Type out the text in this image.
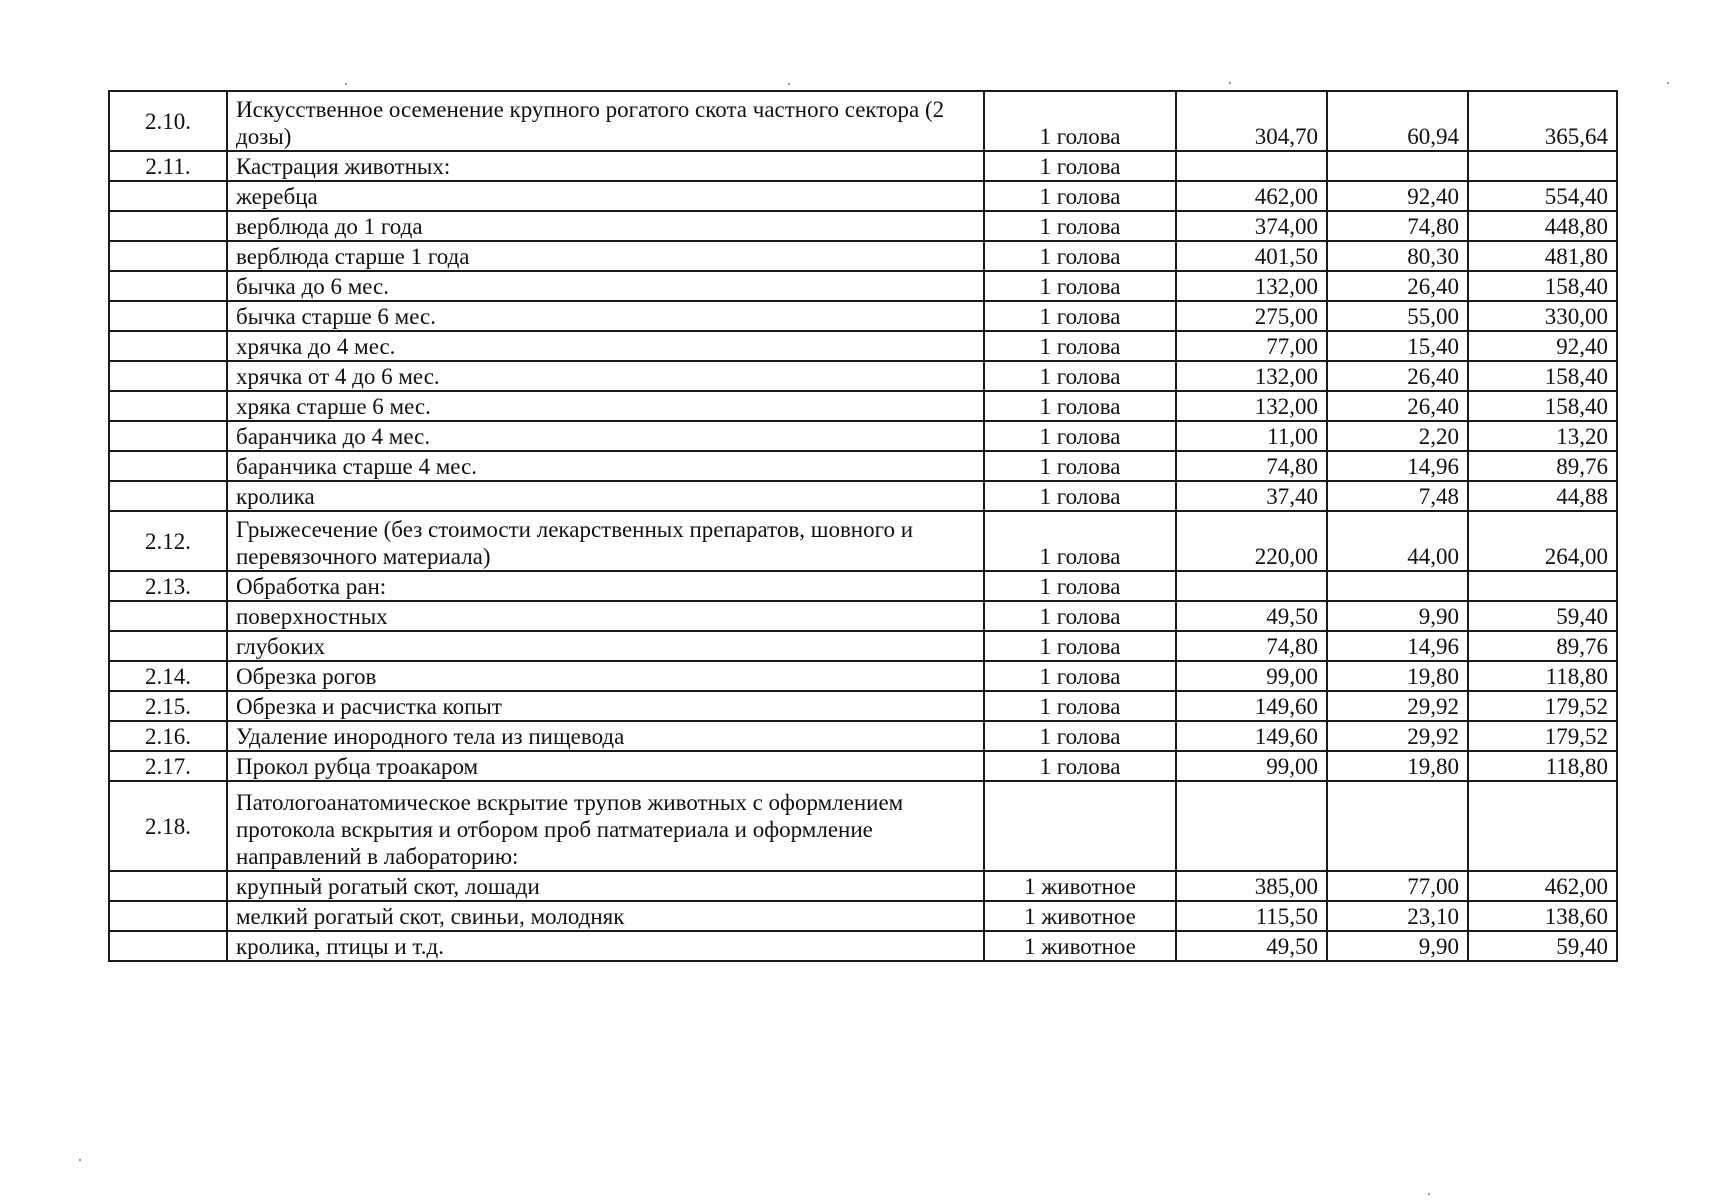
2.10.	Искусственное осеменение крупного рогатого скота частного сектора (2 дозы)	1 голова	304,70	60,94	365,64
2.11.	Кастрация животных:	1 голова			
	жеребца	1 голова	462,00	92,40	554,40
	верблюда до 1 года	1 голова	374,00	74,80	448,80
	верблюда старше 1 года	1 голова	401,50	80,30	481,80
	бычка до 6 мес.	1 голова	132,00	26,40	158,40
	бычка старше 6 мес.	1 голова	275,00	55,00	330,00
	хрячка до 4 мес.	1 голова	77,00	15,40	92,40
	хрячка от 4 до 6 мес.	1 голова	132,00	26,40	158,40
	хряка старше 6 мес.	1 голова	132,00	26,40	158,40
	баранчика до 4 мес.	1 голова	11,00	2,20	13,20
	баранчика старше 4 мес.	1 голова	74,80	14,96	89,76
	кролика	1 голова	37,40	7,48	44,88
2.12.	Грыжесечение (без стоимости лекарственных препаратов, шовного и перевязочного материала)	1 голова	220,00	44,00	264,00
2.13.	Обработка ран:	1 голова			
	поверхностных	1 голова	49,50	9,90	59,40
	глубоких	1 голова	74,80	14,96	89,76
2.14.	Обрезка рогов	1 голова	99,00	19,80	118,80
2.15.	Обрезка и расчистка копыт	1 голова	149,60	29,92	179,52
2.16.	Удаление инородного тела из пищевода	1 голова	149,60	29,92	179,52
2.17.	Прокол рубца троакаром	1 голова	99,00	19,80	118,80
2.18.	Патологоанатомическое вскрытие трупов животных с оформлением протокола вскрытия и отбором проб патматериала и оформление направлений в лабораторию:				
	крупный рогатый скот, лошади	1 животное	385,00	77,00	462,00
	мелкий рогатый скот, свиньи, молодняк	1 животное	115,50	23,10	138,60
	кролика, птицы и т.д.	1 животное	49,50	9,90	59,40
